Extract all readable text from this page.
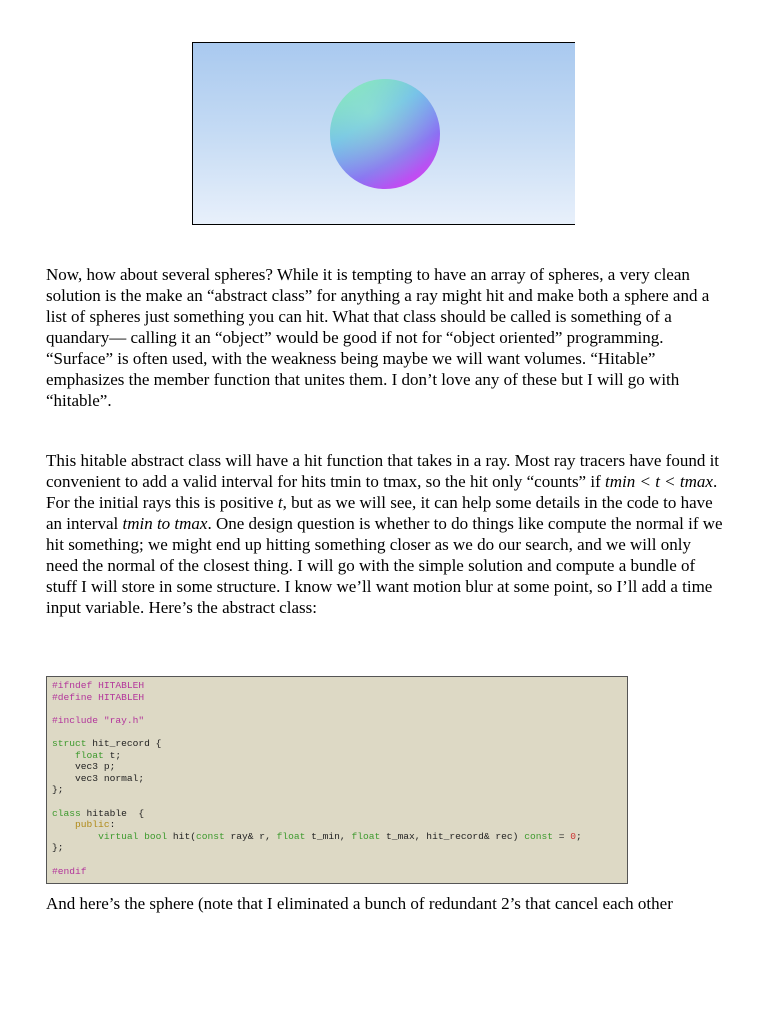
Now, how about several spheres? While it is tempting to have an array of spheres, a very clean solution is the make an “abstract class” for anything a ray might hit and make both a sphere and a list of spheres just something you can hit. What that class should be called is something of a quandary— calling it an “object” would be good if not for “object oriented” programming. “Surface” is often used, with the weakness being maybe we will want volumes. “Hitable” emphasizes the member function that unites them. I don’t love any of these but I will go with “hitable”.

This hitable abstract class will have a hit function that takes in a ray. Most ray tracers have found it convenient to add a valid interval for hits tmin to tmax, so the hit only “counts” if tmin < t < tmax. For the initial rays this is positive t, but as we will see, it can help some details in the code to have an interval tmin to tmax. One design question is whether to do things like compute the normal if we hit something; we might end up hitting something closer as we do our search, and we will only need the normal of the closest thing. I will go with the simple solution and compute a bundle of stuff I will store in some structure. I know we’ll want motion blur at some point, so I’ll add a time input variable. Here’s the abstract class:

#ifndef HITABLEH
#define HITABLEH

#include "ray.h"

struct hit_record {
float t;
vec3 p;
vec3 normal;
};

class hitable  {
public:
virtual bool hit(const ray& r, float t_min, float t_max, hit_record& rec) const = 0;
};

#endif

And here’s the sphere (note that I eliminated a bunch of redundant 2’s that cancel each other
